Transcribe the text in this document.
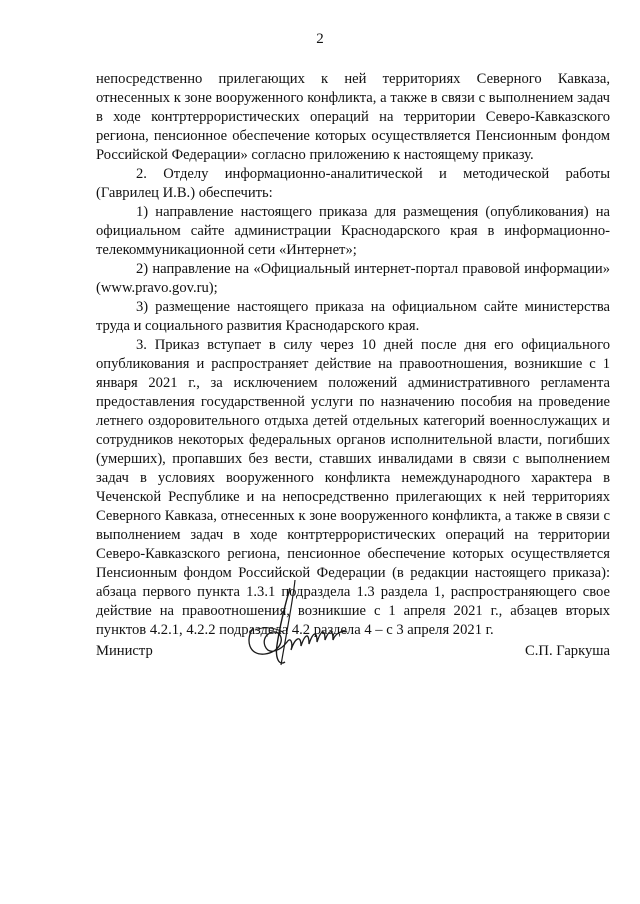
2

непосредственно прилегающих к ней территориях Северного Кавказа, отнесенных к зоне вооруженного конфликта, а также в связи с выполнением задач в ходе контртеррористических операций на территории Северо-Кавказского региона, пенсионное обеспечение которых осуществляется Пенсионным фондом Российской Федерации» согласно приложению к настоящему приказу.

2. Отделу информационно-аналитической и методической работы (Гаврилец И.В.) обеспечить:

1) направление настоящего приказа для размещения (опубликования) на официальном сайте администрации Краснодарского края в информационно-телекоммуникационной сети «Интернет»;

2) направление на «Официальный интернет-портал правовой информации» (www.pravo.gov.ru);

3) размещение настоящего приказа на официальном сайте министерства труда и социального развития Краснодарского края.

3. Приказ вступает в силу через 10 дней после дня его официального опубликования и распространяет действие на правоотношения, возникшие с 1 января 2021 г., за исключением положений административного регламента предоставления государственной услуги по назначению пособия на проведение летнего оздоровительного отдыха детей отдельных категорий военнослужащих и сотрудников некоторых федеральных органов исполнительной власти, погибших (умерших), пропавших без вести, ставших инвалидами в связи с выполнением задач в условиях вооруженного конфликта немеждународного характера в Чеченской Республике и на непосредственно прилегающих к ней территориях Северного Кавказа, отнесенных к зоне вооруженного конфликта, а также в связи с выполнением задач в ходе контртеррористических операций на территории Северо-Кавказского региона, пенсионное обеспечение которых осуществляется Пенсионным фондом Российской Федерации (в редакции настоящего приказа): абзаца первого пункта 1.3.1 подраздела 1.3 раздела 1, распространяющего свое действие на правоотношения, возникшие с 1 апреля 2021 г., абзацев вторых пунктов 4.2.1, 4.2.2 подраздела 4.2 раздела 4 – с 3 апреля 2021 г.

Министр	С.П. Гаркуша
